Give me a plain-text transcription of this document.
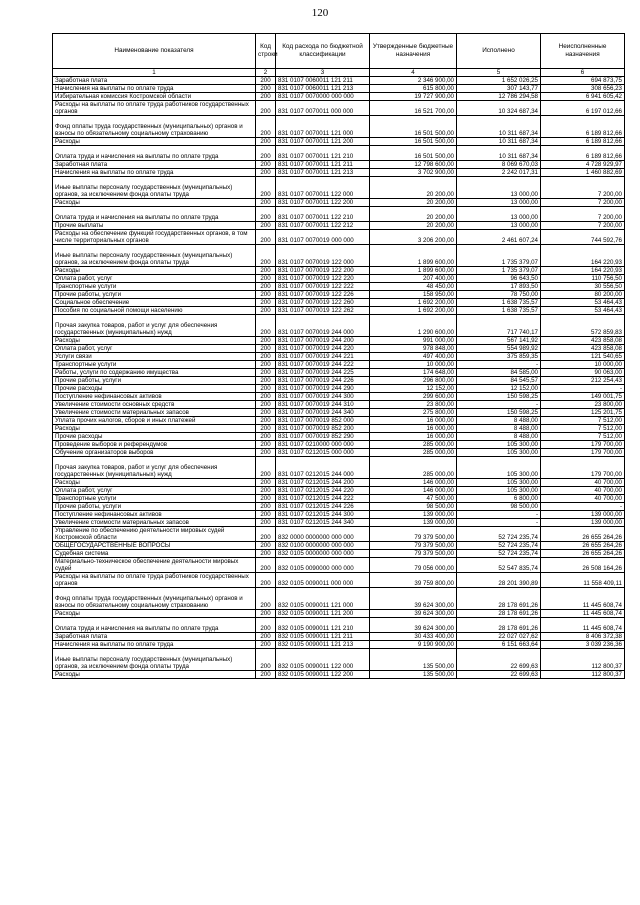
120
Наименование показателя	Код строки	Код расхода по бюджетной классификации	Утвержденные бюджетные назначения	Исполнено	Неисполненные назначения
1	2	3	4	5	6
Заработная плата	200	831 0107 0060011 121 211	2 346 900,00	1 652 026,25	694 873,75
Начисления на выплаты по оплате труда	200	831 0107 0060011 121 213	615 800,00	307 143,77	308 656,23
Избирательная комиссия Костромской области	200	831 0107 0070000 000 000	19 727 900,00	12 786 294,58	6 941 605,42
Расходы на выплаты по оплате труда работников государственных органов	200	831 0107 0070011 000 000	16 521 700,00	10 324 687,34	6 197 012,66
Фонд оплаты труда государственных (муниципальных) органов и взносы по обязательному социальному страхованию	200	831 0107 0070011 121 000	16 501 500,00	10 311 687,34	6 189 812,66
Расходы	200	831 0107 0070011 121 200	16 501 500,00	10 311 687,34	6 189 812,66
Оплата труда и начисления на выплаты по оплате труда	200	831 0107 0070011 121 210	16 501 500,00	10 311 687,34	6 189 812,66
Заработная плата	200	831 0107 0070011 121 211	12 798 600,00	8 069 670,03	4 728 929,97
Начисления на выплаты по оплате труда	200	831 0107 0070011 121 213	3 702 900,00	2 242 017,31	1 460 882,69
Иные выплаты персоналу государственных (муниципальных) органов, за исключением фонда оплаты труда	200	831 0107 0070011 122 000	20 200,00	13 000,00	7 200,00
Расходы	200	831 0107 0070011 122 200	20 200,00	13 000,00	7 200,00
Оплата труда и начисления на выплаты по оплате труда	200	831 0107 0070011 122 210	20 200,00	13 000,00	7 200,00
Прочие выплаты	200	831 0107 0070011 122 212	20 200,00	13 000,00	7 200,00
Расходы на обеспечение функций государственных органов, в том числе территориальных органов	200	831 0107 0070019 000 000	3 206 200,00	2 461 607,24	744 592,76
Иные выплаты персоналу государственных (муниципальных) органов, за исключением фонда оплаты труда	200	831 0107 0070019 122 000	1 899 600,00	1 735 379,07	164 220,93
Расходы	200	831 0107 0070019 122 200	1 899 600,00	1 735 379,07	164 220,93
Оплата работ, услуг	200	831 0107 0070019 122 220	207 400,00	96 643,50	110 756,50
Транспортные услуги	200	831 0107 0070019 122 222	48 450,00	17 893,50	30 556,50
Прочие работы, услуги	200	831 0107 0070019 122 226	158 950,00	78 750,00	80 200,00
Социальное обеспечение	200	831 0107 0070019 122 260	1 692 200,00	1 638 735,57	53 464,43
Пособия по социальной помощи населению	200	831 0107 0070019 122 262	1 692 200,00	1 638 735,57	53 464,43
Прочая закупка товаров, работ и услуг для обеспечения государственных (муниципальных) нужд	200	831 0107 0070019 244 000	1 290 600,00	717 740,17	572 859,83
Расходы	200	831 0107 0070019 244 200	991 000,00	567 141,92	423 858,08
Оплата работ, услуг	200	831 0107 0070019 244 220	978 848,00	554 989,92	423 858,08
Услуги связи	200	831 0107 0070019 244 221	497 400,00	375 859,35	121 540,65
Транспортные услуги	200	831 0107 0070019 244 222	10 000,00	-	10 000,00
Работы, услуги по содержанию имущества	200	831 0107 0070019 244 225	174 648,00	84 585,00	90 063,00
Прочие работы, услуги	200	831 0107 0070019 244 226	296 800,00	84 545,57	212 254,43
Прочие расходы	200	831 0107 0070019 244 290	12 152,00	12 152,00	-
Поступление нефинансовых активов	200	831 0107 0070019 244 300	299 600,00	150 598,25	149 001,75
Увеличение стоимости основных средств	200	831 0107 0070019 244 310	23 800,00	-	23 800,00
Увеличение стоимости материальных запасов	200	831 0107 0070019 244 340	275 800,00	150 598,25	125 201,75
Уплата прочих налогов, сборов и иных платежей	200	831 0107 0070019 852 000	16 000,00	8 488,00	7 512,00
Расходы	200	831 0107 0070019 852 200	16 000,00	8 488,00	7 512,00
Прочие расходы	200	831 0107 0070019 852 290	16 000,00	8 488,00	7 512,00
Проведение выборов и референдумов	200	831 0107 0210000 000 000	285 000,00	105 300,00	179 700,00
Обучение организаторов выборов	200	831 0107 0212015 000 000	285 000,00	105 300,00	179 700,00
Прочая закупка товаров, работ и услуг для обеспечения государственных (муниципальных) нужд	200	831 0107 0212015 244 000	285 000,00	105 300,00	179 700,00
Расходы	200	831 0107 0212015 244 200	146 000,00	105 300,00	40 700,00
Оплата работ, услуг	200	831 0107 0212015 244 220	146 000,00	105 300,00	40 700,00
Транспортные услуги	200	831 0107 0212015 244 222	47 500,00	6 800,00	40 700,00
Прочие работы, услуги	200	831 0107 0212015 244 226	98 500,00	98 500,00	-
Поступление нефинансовых активов	200	831 0107 0212015 244 300	139 000,00	-	139 000,00
Увеличение стоимости материальных запасов	200	831 0107 0212015 244 340	139 000,00	-	139 000,00
Управление по обеспечению деятельности мировых судей Костромской области	200	832 0000 0000000 000 000	79 379 500,00	52 724 235,74	26 655 264,26
ОБЩЕГОСУДАРСТВЕННЫЕ ВОПРОСЫ	200	832 0100 0000000 000 000	79 379 500,00	52 724 235,74	26 655 264,26
Судебная система	200	832 0105 0000000 000 000	79 379 500,00	52 724 235,74	26 655 264,26
Материально-техническое обеспечение деятельности мировых судей	200	832 0105 0090000 000 000	79 056 000,00	52 547 835,74	26 508 164,26
Расходы на выплаты по оплате труда работников государственных органов	200	832 0105 0090011 000 000	39 759 800,00	28 201 390,89	11 558 409,11
Фонд оплаты труда государственных (муниципальных) органов и взносы по обязательному социальному страхованию	200	832 0105 0090011 121 000	39 624 300,00	28 178 691,26	11 445 608,74
Расходы	200	832 0105 0090011 121 200	39 624 300,00	28 178 691,26	11 445 608,74
Оплата труда и начисления на выплаты по оплате труда	200	832 0105 0090011 121 210	39 624 300,00	28 178 691,26	11 445 608,74
Заработная плата	200	832 0105 0090011 121 211	30 433 400,00	22 027 027,62	8 406 372,38
Начисления на выплаты по оплате труда	200	832 0105 0090011 121 213	9 190 900,00	6 151 663,64	3 039 236,36
Иные выплаты персоналу государственных (муниципальных) органов, за исключением фонда оплаты труда	200	832 0105 0090011 122 000	135 500,00	22 699,63	112 800,37
Расходы	200	832 0105 0090011 122 200	135 500,00	22 699,63	112 800,37
